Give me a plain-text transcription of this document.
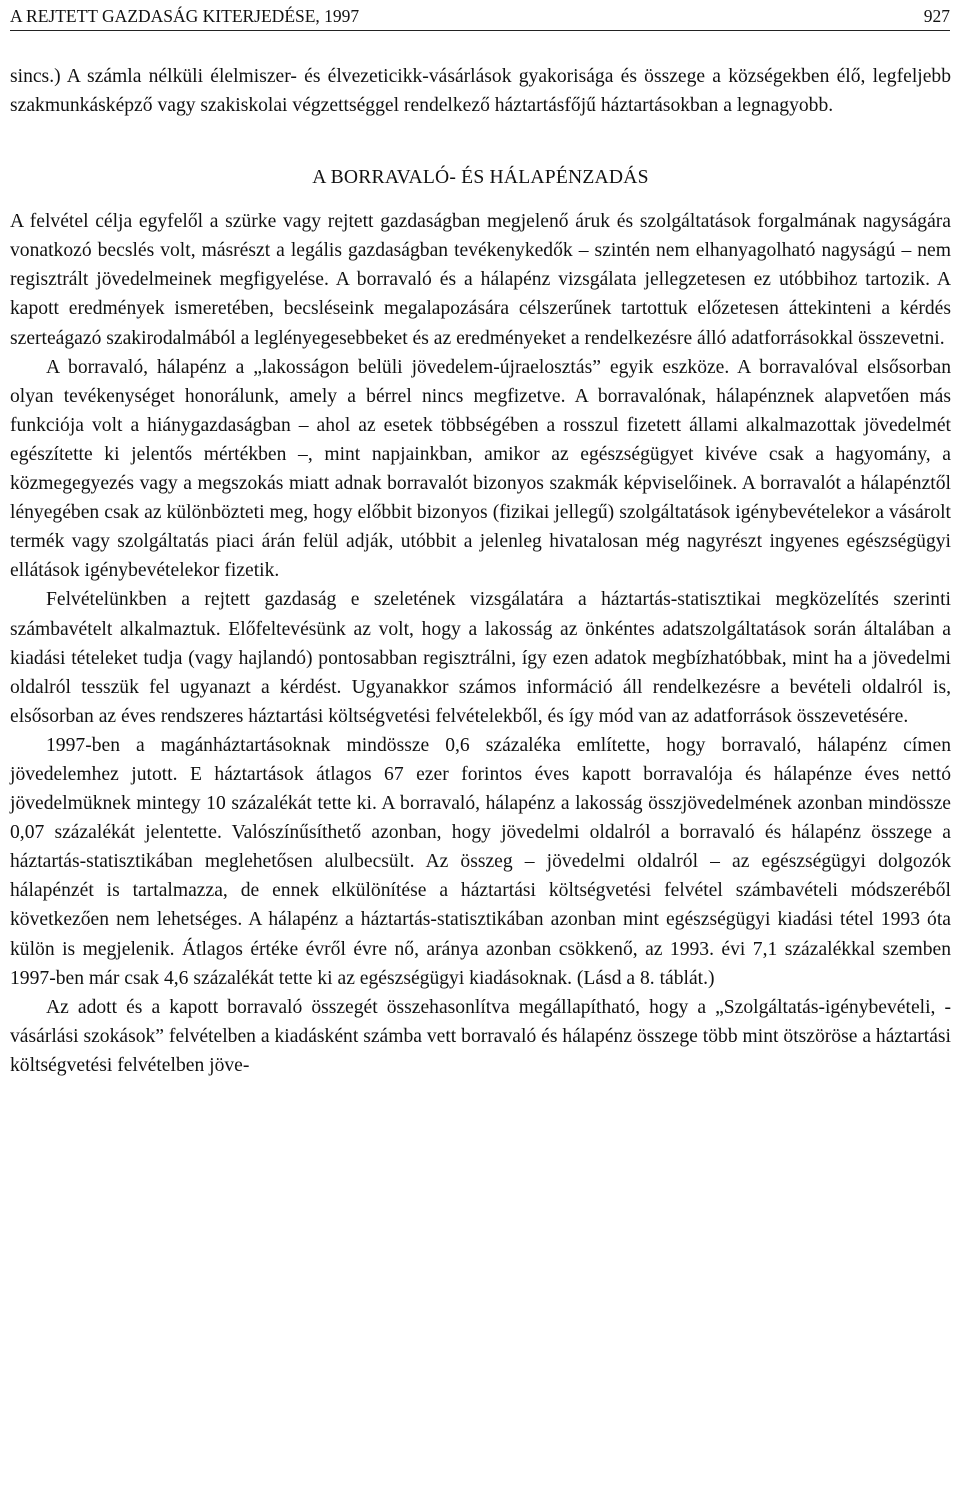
A REJTETT GAZDASÁG KITERJEDÉSE, 1997	927

sincs.) A számla nélküli élelmiszer- és élvezeticikk-vásárlások gyakorisága és összege a községekben élő, legfeljebb szakmunkásképző vagy szakiskolai végzettséggel rendelkező háztartásfőjű háztartásokban a legnagyobb.

A BORRAVALÓ- ÉS HÁLAPÉNZADÁS

A felvétel célja egyfelől a szürke vagy rejtett gazdaságban megjelenő áruk és szolgáltatások forgalmának nagyságára vonatkozó becslés volt, másrészt a legális gazdaságban tevékenykedők – szintén nem elhanyagolható nagyságú – nem regisztrált jövedelmeinek megfigyelése. A borravaló és a hálapénz vizsgálata jellegzetesen ez utóbbihoz tartozik. A kapott eredmények ismeretében, becsléseink megalapozására célszerűnek tartottuk előzetesen áttekinteni a kérdés szerteágazó szakirodalmából a leglényegesebbeket és az eredményeket a rendelkezésre álló adatforrásokkal összevetni.

A borravaló, hálapénz a „lakosságon belüli jövedelem-újraelosztás” egyik eszköze. A borravalóval elsősorban olyan tevékenységet honorálunk, amely a bérrel nincs megfizetve. A borravalónak, hálapénznek alapvetően más funkciója volt a hiánygazdaságban – ahol az esetek többségében a rosszul fizetett állami alkalmazottak jövedelmét egészítette ki jelentős mértékben –, mint napjainkban, amikor az egészségügyet kivéve csak a hagyomány, a közmegegyezés vagy a megszokás miatt adnak borravalót bizonyos szakmák képviselőinek. A borravalót a hálapénztől lényegében csak az különbözteti meg, hogy előbbit bizonyos (fizikai jellegű) szolgáltatások igénybevételekor a vásárolt termék vagy szolgáltatás piaci árán felül adják, utóbbit a jelenleg hivatalosan még nagyrészt ingyenes egészségügyi ellátások igénybevételekor fizetik.

Felvételünkben a rejtett gazdaság e szeletének vizsgálatára a háztartás-statisztikai megközelítés szerinti számbavételt alkalmaztuk. Előfeltevésünk az volt, hogy a lakosság az önkéntes adatszolgáltatások során általában a kiadási tételeket tudja (vagy hajlandó) pontosabban regisztrálni, így ezen adatok megbízhatóbbak, mint ha a jövedelmi oldalról tesszük fel ugyanazt a kérdést. Ugyanakkor számos információ áll rendelkezésre a bevételi oldalról is, elsősorban az éves rendszeres háztartási költségvetési felvételekből, és így mód van az adatforrások összevetésére.

1997-ben a magánháztartásoknak mindössze 0,6 százaléka említette, hogy borravaló, hálapénz címen jövedelemhez jutott. E háztartások átlagos 67 ezer forintos éves kapott borravalója és hálapénze éves nettó jövedelmüknek mintegy 10 százalékát tette ki. A borravaló, hálapénz a lakosság összjövedelmének azonban mindössze 0,07 százalékát jelentette. Valószínűsíthető azonban, hogy jövedelmi oldalról a borravaló és hálapénz összege a háztartás-statisztikában meglehetősen alulbecsült. Az összeg – jövedelmi oldalról – az egészségügyi dolgozók hálapénzét is tartalmazza, de ennek elkülönítése a háztartási költségvetési felvétel számbavételi módszeréből következően nem lehetséges. A hálapénz a háztartás-statisztikában azonban mint egészségügyi kiadási tétel 1993 óta külön is megjelenik. Átlagos értéke évről évre nő, aránya azonban csökkenő, az 1993. évi 7,1 százalékkal szemben 1997-ben már csak 4,6 százalékát tette ki az egészségügyi kiadásoknak. (Lásd a 8. táblát.)

Az adott és a kapott borravaló összegét összehasonlítva megállapítható, hogy a „Szolgáltatás-igénybevételi, -vásárlási szokások” felvételben a kiadásként számba vett borravaló és hálapénz összege több mint ötszöröse a háztartási költségvetési felvételben jöve-
